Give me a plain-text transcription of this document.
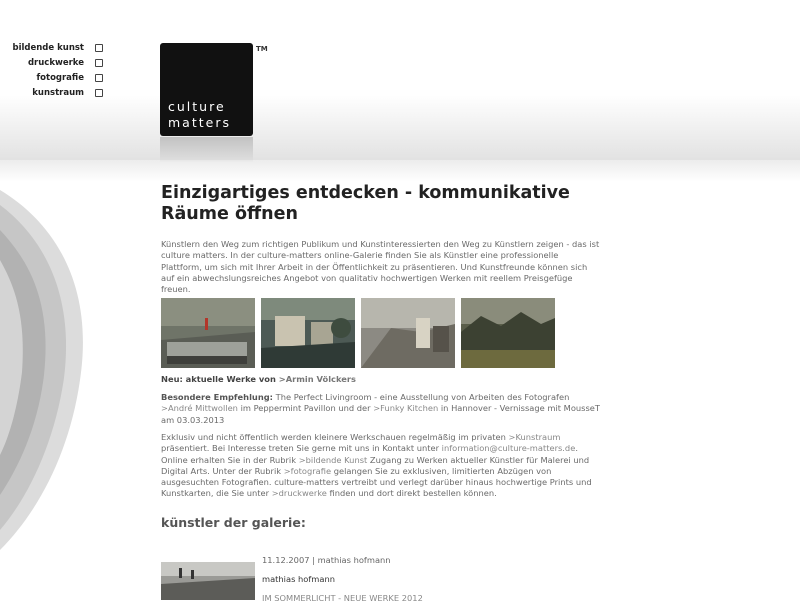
bildende kunst
druckwerke
fotografie
kunstraum
culture
matters
TM
Einzigartiges entdecken - kommunikative Räume öffnen

Künstlern den Weg zum richtigen Publikum und Kunstinteressierten den Weg zu Künstlern zeigen - das ist culture matters. In der culture-matters online-Galerie finden Sie als Künstler eine professionelle Plattform, um sich mit Ihrer Arbeit in der Öffentlichkeit zu präsentieren. Und Kunstfreunde können sich auf ein abwechslungsreiches Angebot von qualitativ hochwertigen Werken mit reellem Preisgefüge freuen.

Neu: aktuelle Werke von >Armin Völckers
Besondere Empfehlung: The Perfect Livingroom - eine Ausstellung von Arbeiten des Fotografen >André Mittwollen im Peppermint Pavillon und der >Funky Kitchen in Hannover - Vernissage mit MousseT am 03.03.2013
Exklusiv und nicht öffentlich werden kleinere Werkschauen regelmäßig im privaten >Kunstraum präsentiert. Bei Interesse treten Sie gerne mit uns in Kontakt unter information@culture-matters.de. Online erhalten Sie in der Rubrik >bildende Kunst Zugang zu Werken aktueller Künstler für Malerei und Digital Arts. Unter der Rubrik >fotografie gelangen Sie zu exklusiven, limitierten Abzügen von ausgesuchten Fotografien. culture-matters vertreibt und verlegt darüber hinaus hochwertige Prints und Kunstkarten, die Sie unter >druckwerke finden und dort direkt bestellen können.
künstler der galerie:
11.12.2007 | mathias hofmann
mathias hofmann
IM SOMMERLICHT - NEUE WERKE 2012
